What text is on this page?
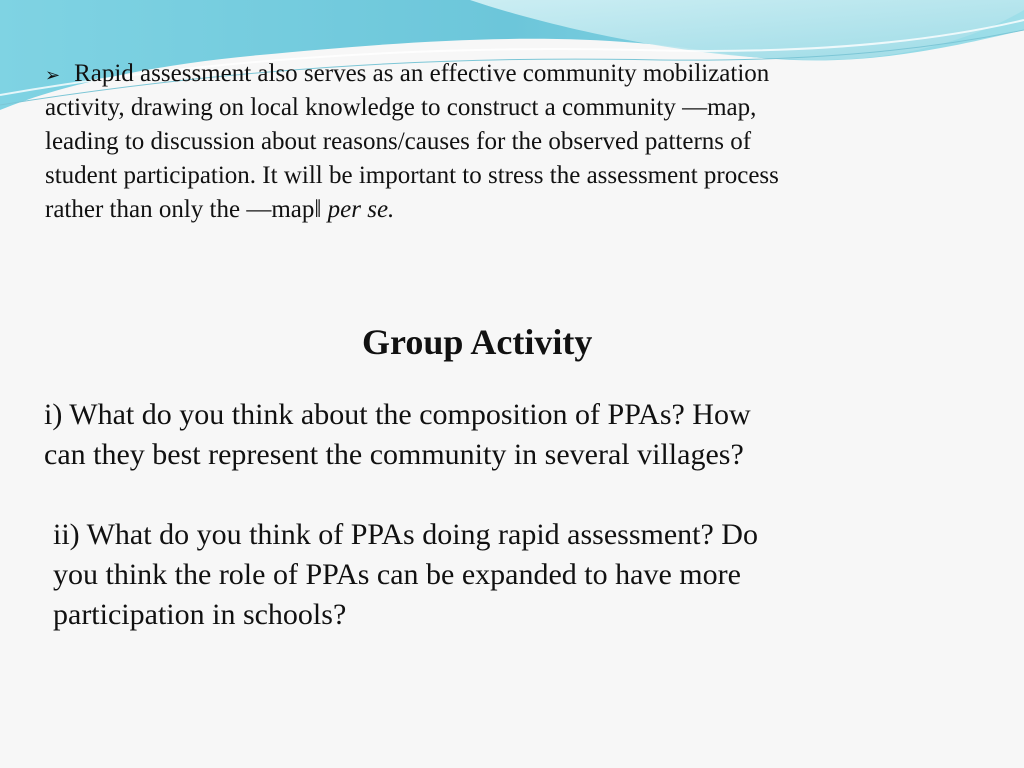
➢ Rapid assessment also serves as an effective community mobilization
activity, drawing on local knowledge to construct a community —map,
leading to discussion about reasons/causes for the observed patterns of
student participation. It will be important to stress the assessment process
rather than only the —map‖ per se.
Group Activity
i) What do you think about the composition of PPAs? How
can they best represent the community in several villages?
ii) What do you think of PPAs doing rapid assessment? Do
you think the role of PPAs can be expanded to have more
participation in schools?
